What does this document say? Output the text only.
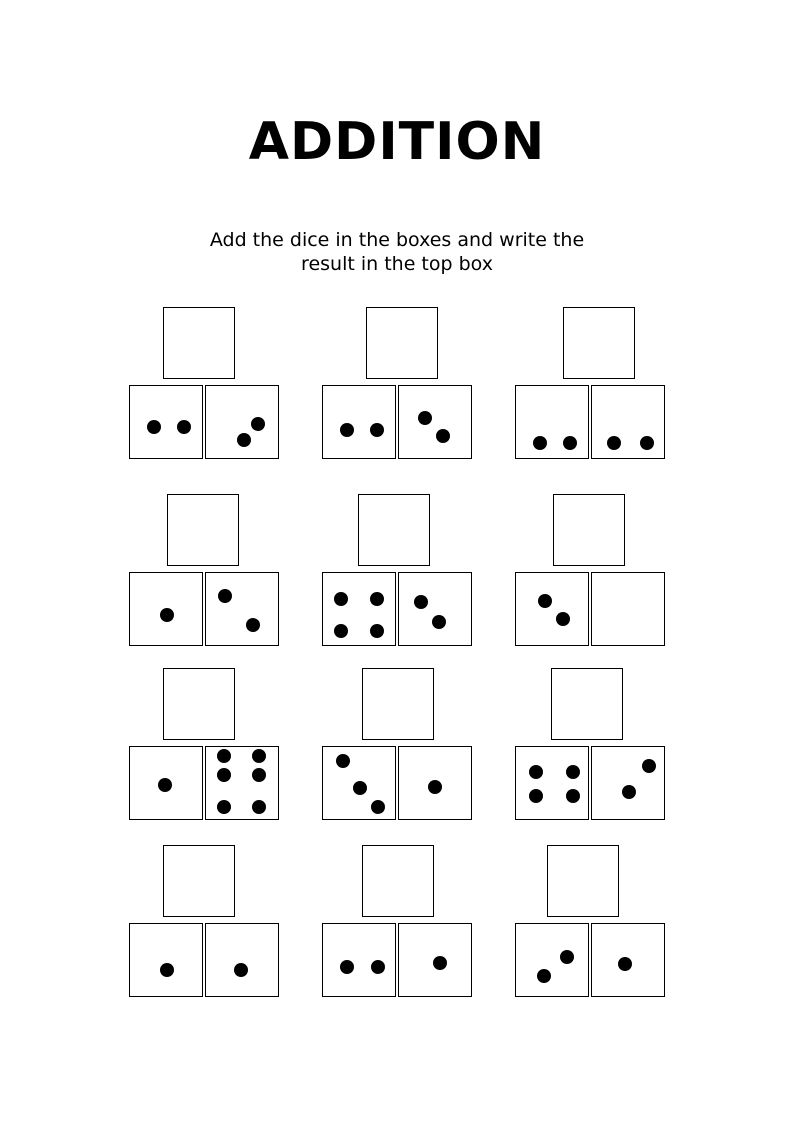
ADDITION
Add the dice in the boxes and write the
result in the top box
